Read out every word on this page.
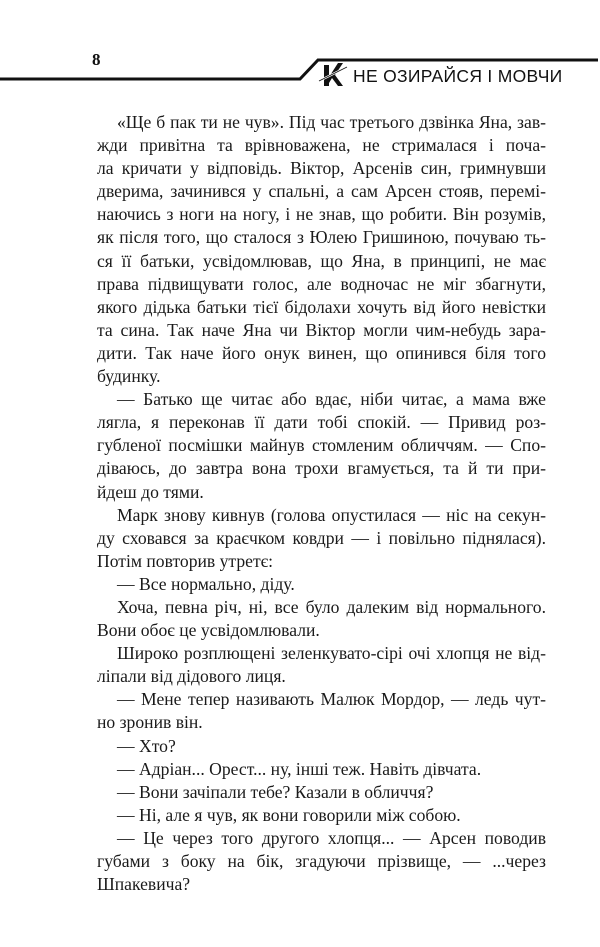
8
НЕ ОЗИРАЙСЯ І МОВЧИ
«Ще б пак ти не чув». Під час третього дзвінка Яна, зав-
жди привітна та врівноважена, не стрималася і поча-
ла кричати у відповідь. Віктор, Арсенів син, гримнувши
дверима, зачинився у спальні, а сам Арсен стояв, перемі-
наючись з ноги на ногу, і не знав, що робити. Він розумів,
як після того, що сталося з Юлею Гришиною, почуваю ть-
ся її батьки, усвідомлював, що Яна, в принципі, не має
права підвищувати голос, але водночас не міг збагнути,
якого дідька батьки тієї бідолахи хочуть від його невістки
та сина. Так наче Яна чи Віктор могли чим-небудь зара-
дити. Так наче його онук винен, що опинився біля того
будинку.
— Батько ще читає або вдає, ніби читає, а мама вже
лягла, я переконав її дати тобі спокій. — Привид роз-
губленої посмішки майнув стомленим обличчям. — Спо-
діваюсь, до завтра вона трохи вгамується, та й ти при-
йдеш до тями.
Марк знову кивнув (голова опустилася — ніс на секун-
ду сховався за краєчком ковдри — і повільно піднялася).
Потім повторив утретє:
— Все нормально, діду.
Хоча, певна річ, ні, все було далеким від нормального.
Вони обоє це усвідомлювали.
Широко розплющені зеленкувато-сірі очі хлопця не від-
ліпали від дідового лиця.
— Мене тепер називають Малюк Мордор, — ледь чут-
но зронив він.
— Хто?
— Адріан... Орест... ну, інші теж. Навіть дівчата.
— Вони зачіпали тебе? Казали в обличчя?
— Ні, але я чув, як вони говорили між собою.
— Це через того другого хлопця... — Арсен поводив
губами з боку на бік, згадуючи прізвище, — ...через
Шпакевича?
